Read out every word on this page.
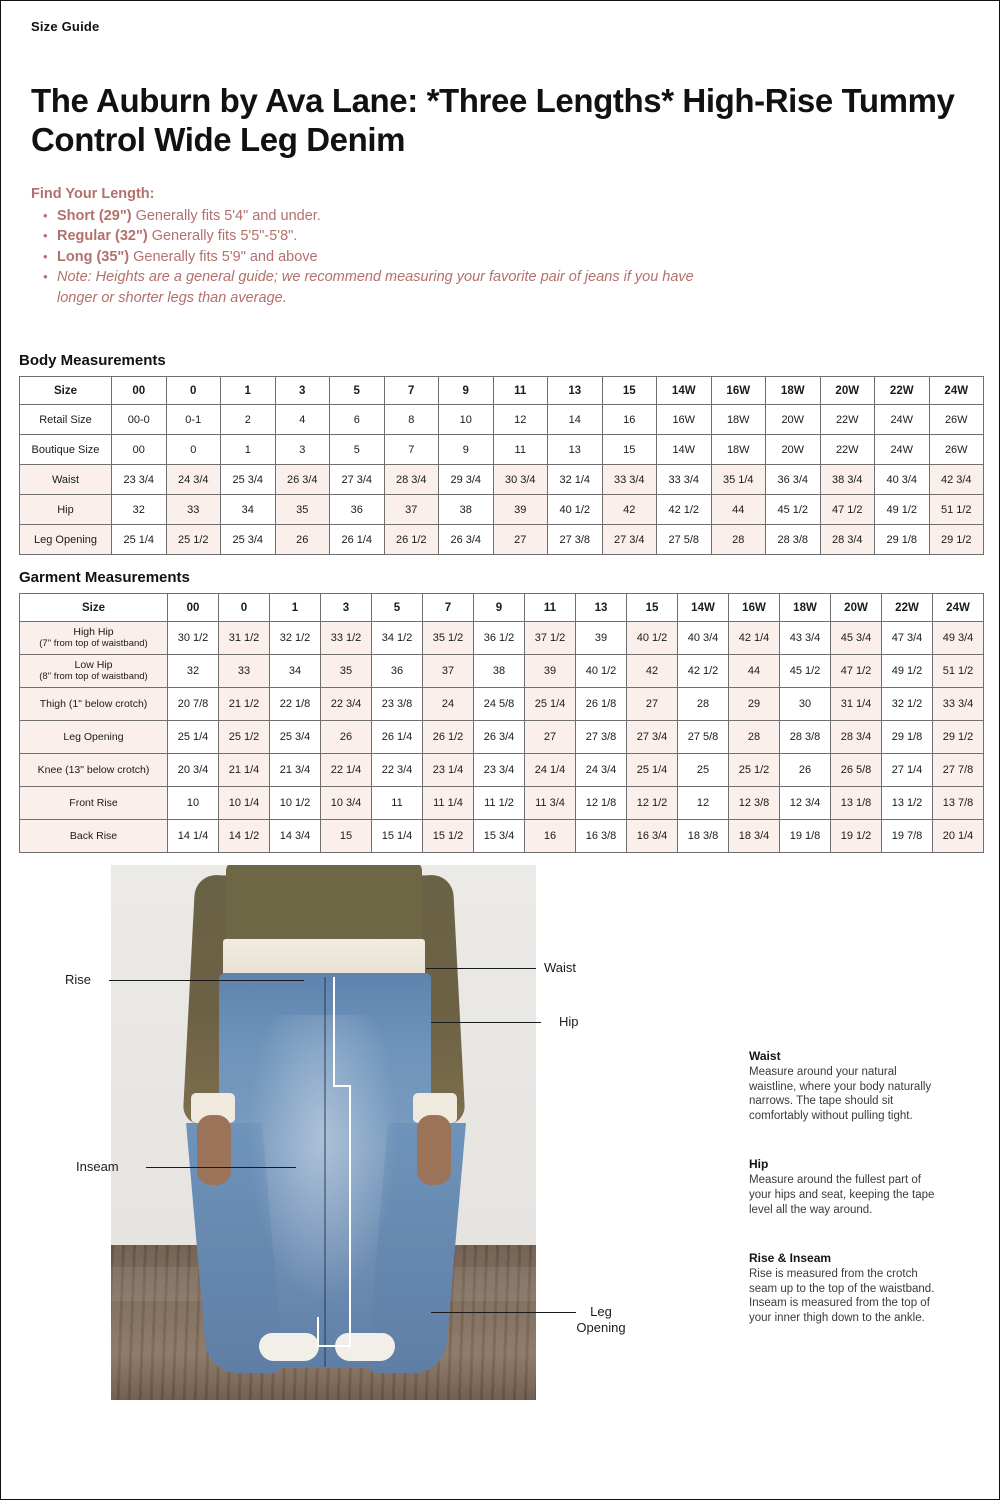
Size Guide
The Auburn by Ava Lane: *Three Lengths* High-Rise Tummy Control Wide Leg Denim
Find Your Length:
• Short (29") Generally fits 5'4" and under.
• Regular (32") Generally fits 5'5"-5'8".
• Long (35") Generally fits 5'9" and above
• Note: Heights are a general guide; we recommend measuring your favorite pair of jeans if you have
longer or shorter legs than average.
Body Measurements
Size	00	0	1	3	5	7	9	11	13	15	14W	16W	18W	20W	22W	24W
Retail Size	00-0	0-1	2	4	6	8	10	12	14	16	16W	18W	20W	22W	24W	26W
Boutique Size	00	0	1	3	5	7	9	11	13	15	14W	18W	20W	22W	24W	26W
Waist	23 3/4	24 3/4	25 3/4	26 3/4	27 3/4	28 3/4	29 3/4	30 3/4	32 1/4	33 3/4	33 3/4	35 1/4	36 3/4	38 3/4	40 3/4	42 3/4
Hip	32	33	34	35	36	37	38	39	40 1/2	42	42 1/2	44	45 1/2	47 1/2	49 1/2	51 1/2
Leg Opening	25 1/4	25 1/2	25 3/4	26	26 1/4	26 1/2	26 3/4	27	27 3/8	27 3/4	27 5/8	28	28 3/8	28 3/4	29 1/8	29 1/2
Garment Measurements
Size	00	0	1	3	5	7	9	11	13	15	14W	16W	18W	20W	22W	24W
High Hip
(7" from top of waistband)	30 1/2	31 1/2	32 1/2	33 1/2	34 1/2	35 1/2	36 1/2	37 1/2	39	40 1/2	40 3/4	42 1/4	43 3/4	45 3/4	47 3/4	49 3/4
Low Hip
(8" from top of waistband)	32	33	34	35	36	37	38	39	40 1/2	42	42 1/2	44	45 1/2	47 1/2	49 1/2	51 1/2
Thigh (1" below crotch)	20 7/8	21 1/2	22 1/8	22 3/4	23 3/8	24	24 5/8	25 1/4	26 1/8	27	28	29	30	31 1/4	32 1/2	33 3/4
Leg Opening	25 1/4	25 1/2	25 3/4	26	26 1/4	26 1/2	26 3/4	27	27 3/8	27 3/4	27 5/8	28	28 3/8	28 3/4	29 1/8	29 1/2
Knee (13" below crotch)	20 3/4	21 1/4	21 3/4	22 1/4	22 3/4	23 1/4	23 3/4	24 1/4	24 3/4	25 1/4	25	25 1/2	26	26 5/8	27 1/4	27 7/8
Front Rise	10	10 1/4	10 1/2	10 3/4	11	11 1/4	11 1/2	11 3/4	12 1/8	12 1/2	12	12 3/8	12 3/4	13 1/8	13 1/2	13 7/8
Back Rise	14 1/4	14 1/2	14 3/4	15	15 1/4	15 1/2	15 3/4	16	16 3/8	16 3/4	18 3/8	18 3/4	19 1/8	19 1/2	19 7/8	20 1/4
Rise
Waist
Hip
Inseam
Leg
Opening
Waist

Measure around your natural waistline, where your body naturally narrows. The tape should sit comfortably without pulling tight.

Hip

Measure around the fullest part of your hips and seat, keeping the tape level all the way around.

Rise & Inseam

Rise is measured from the crotch seam up to the top of the waistband. Inseam is measured from the top of your inner thigh down to the ankle.
